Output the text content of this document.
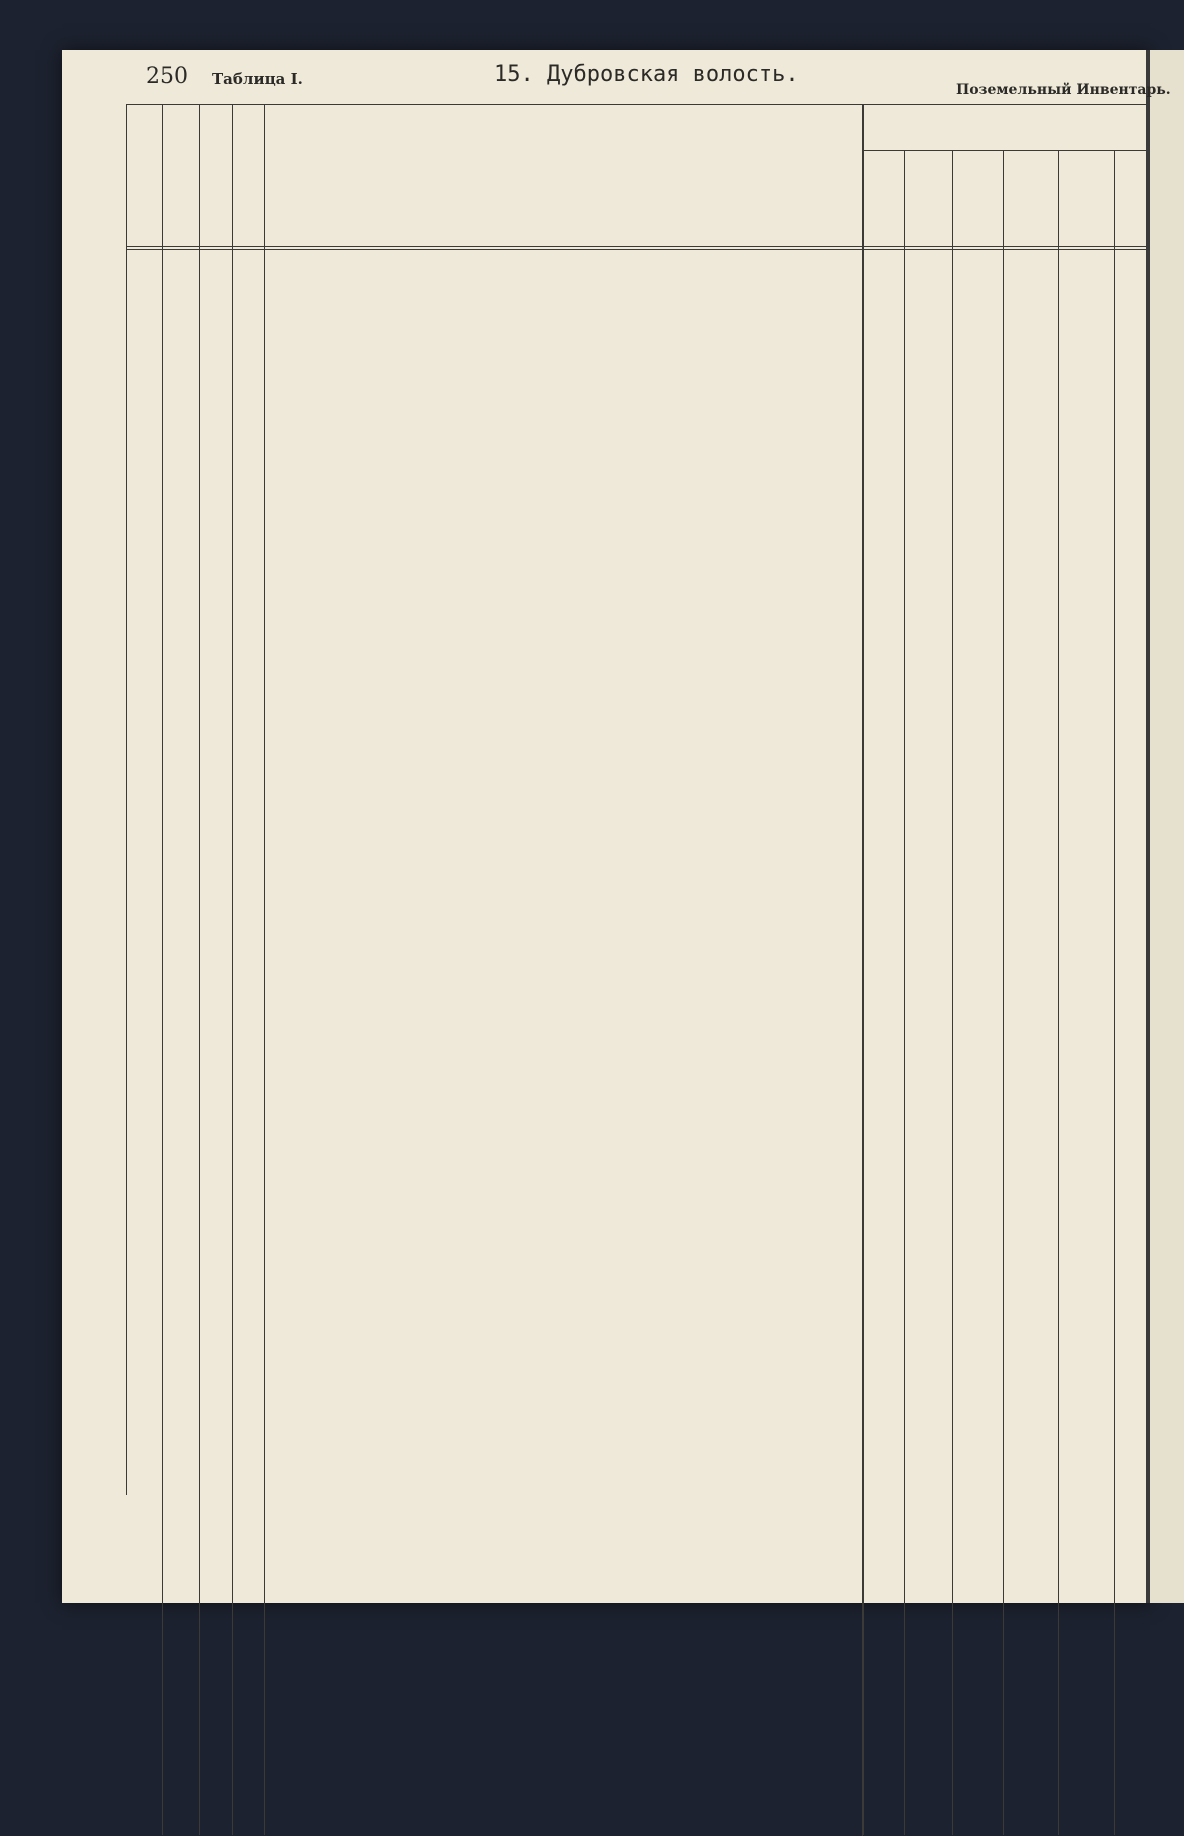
250 Таблица I.	15. Дубровская волость.
Поземельный Инвентарь.
